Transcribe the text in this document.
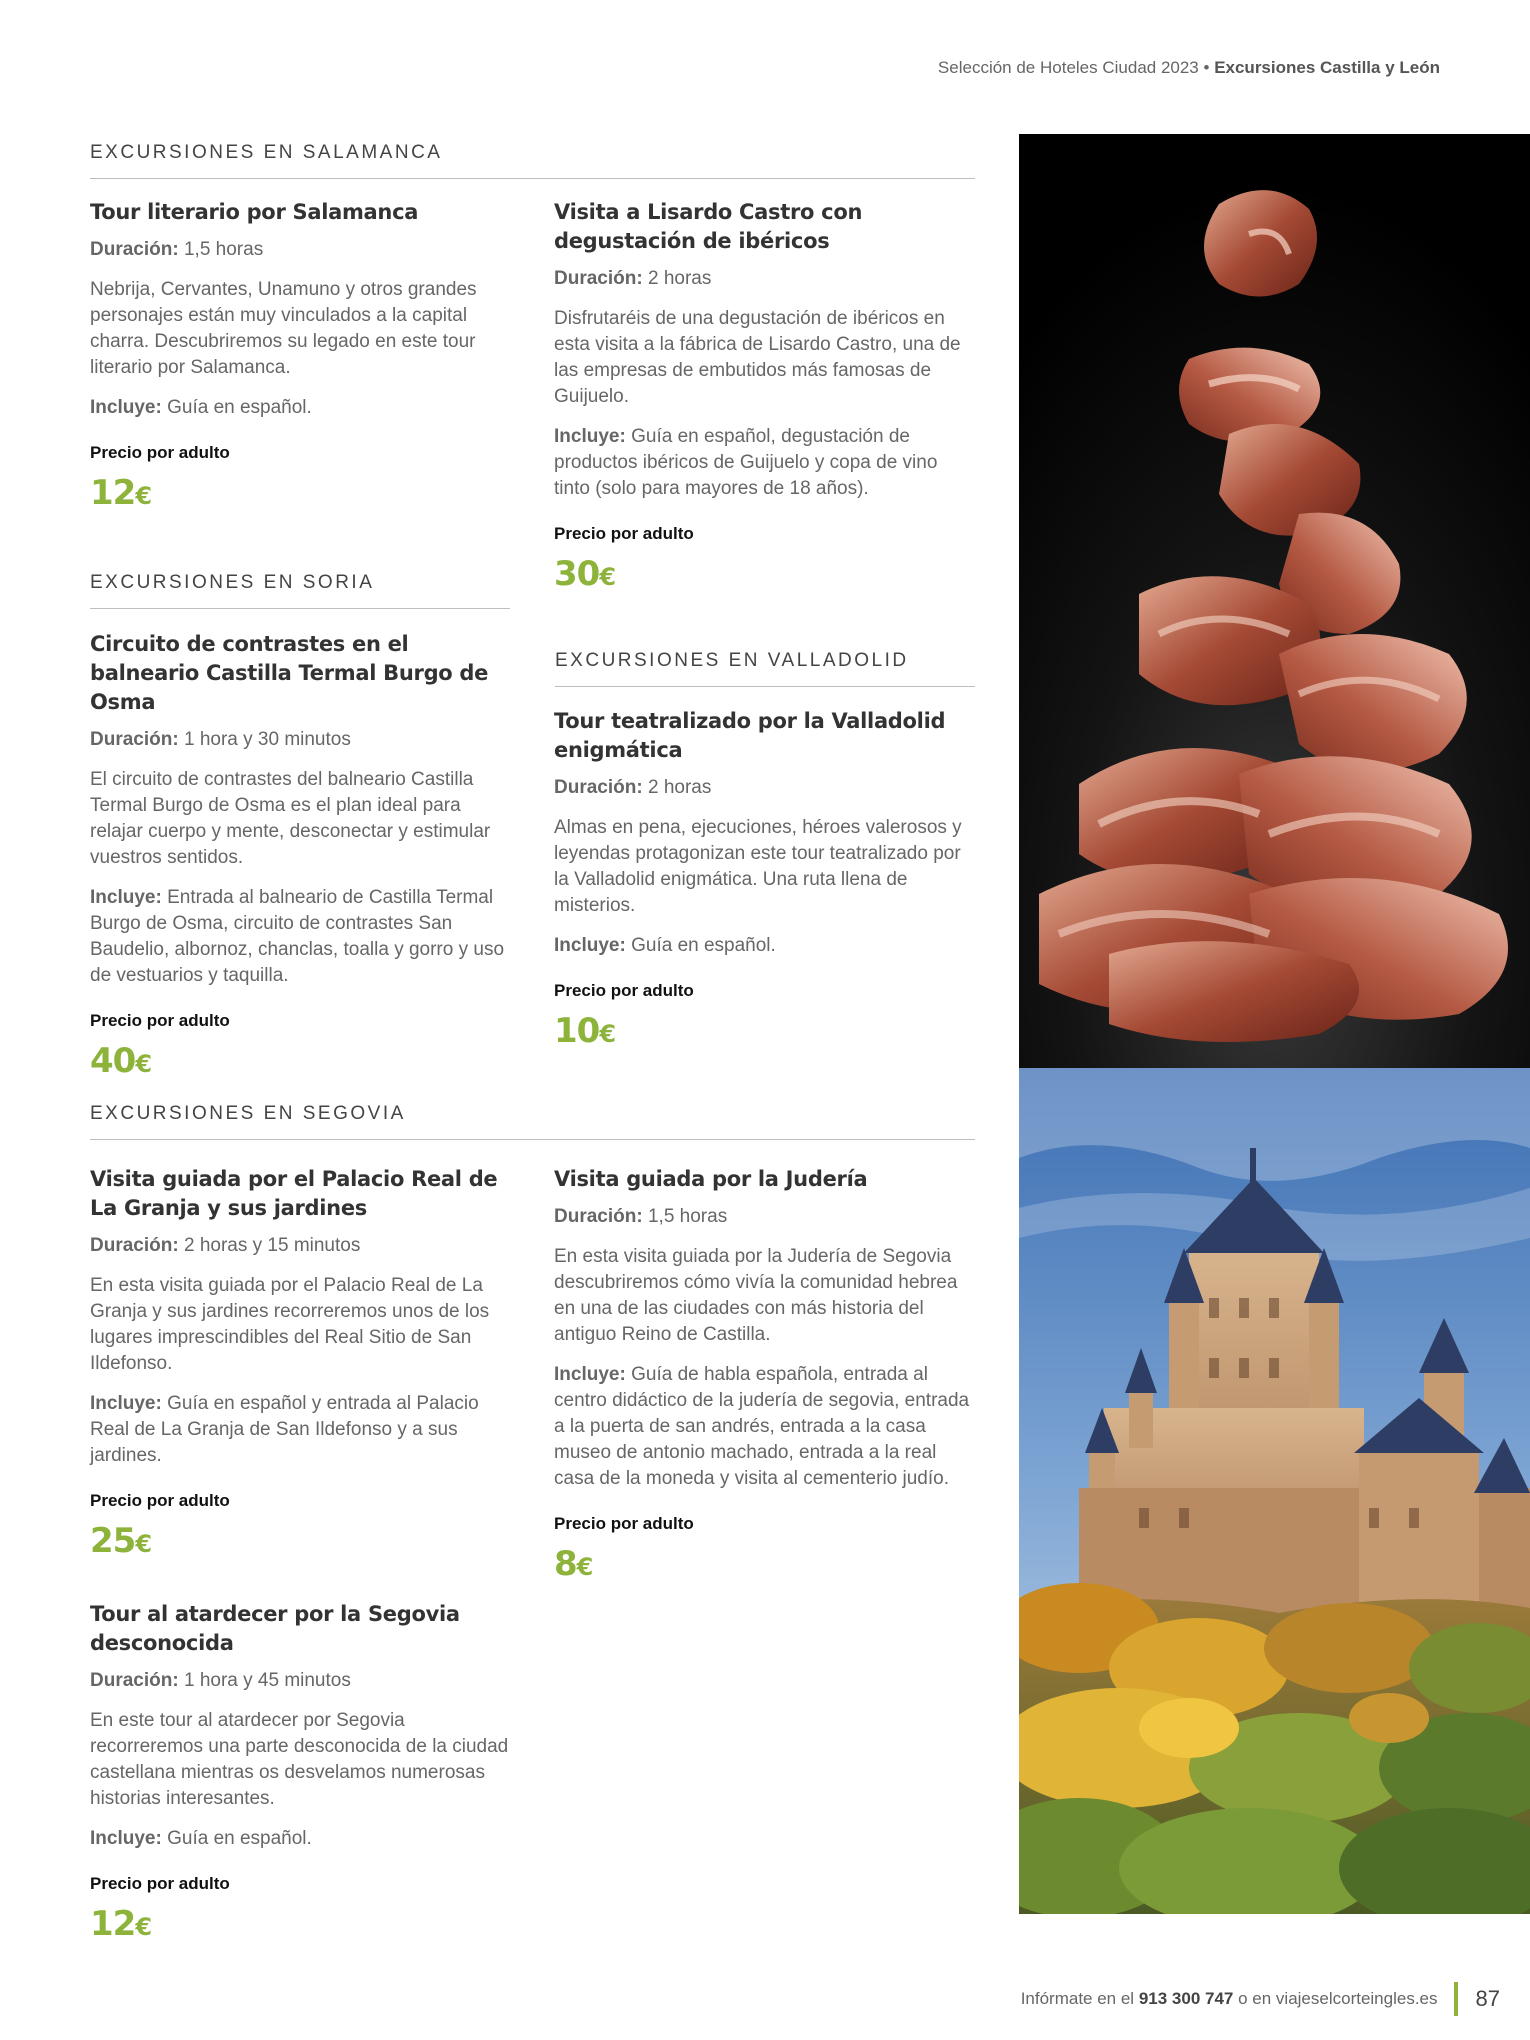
Selección de Hoteles Ciudad 2023 • Excursiones Castilla y León
EXCURSIONES EN SALAMANCA
Tour literario por Salamanca
Duración: 1,5 horas
Nebrija, Cervantes, Unamuno y otros grandes personajes están muy vinculados a la capital charra. Descubriremos su legado en este tour literario por Salamanca.
Incluye: Guía en español.
Precio por adulto
12€
Visita a Lisardo Castro con degustación de ibéricos
Duración: 2 horas
Disfrutaréis de una degustación de ibéricos en esta visita a la fábrica de Lisardo Castro, una de las empresas de embutidos más famosas de Guijuelo.
Incluye: Guía en español, degustación de productos ibéricos de Guijuelo y copa de vino tinto (solo para mayores de 18 años).
Precio por adulto
30€
EXCURSIONES EN SORIA
Circuito de contrastes en el balneario Castilla Termal Burgo de Osma
Duración: 1 hora y 30 minutos
El circuito de contrastes del balneario Castilla Termal Burgo de Osma es el plan ideal para relajar cuerpo y mente, desconectar y estimular vuestros sentidos.
Incluye: Entrada al balneario de Castilla Termal Burgo de Osma, circuito de contrastes San Baudelio, albornoz, chanclas, toalla y gorro y uso de vestuarios y taquilla.
Precio por adulto
40€
EXCURSIONES EN VALLADOLID
Tour teatralizado por la Valladolid enigmática
Duración: 2 horas
Almas en pena, ejecuciones, héroes valerosos y leyendas protagonizan este tour teatralizado por la Valladolid enigmática. Una ruta llena de misterios.
Incluye: Guía en español.
Precio por adulto
10€
EXCURSIONES EN SEGOVIA
Visita guiada por el Palacio Real de La Granja y sus jardines
Duración: 2 horas y 15 minutos
En esta visita guiada por el Palacio Real de La Granja y sus jardines recorreremos unos de los lugares imprescindibles del Real Sitio de San Ildefonso.
Incluye: Guía en español y entrada al Palacio Real de La Granja de San Ildefonso y a sus jardines.
Precio por adulto
25€
Visita guiada por la Judería
Duración: 1,5 horas
En esta visita guiada por la Judería de Segovia descubriremos cómo vivía la comunidad hebrea en una de las ciudades con más historia del antiguo Reino de Castilla.
Incluye: Guía de habla española, entrada al centro didáctico de la judería de segovia, entrada a la puerta de san andrés, entrada a la casa museo de antonio machado, entrada a la real casa de la moneda y visita al cementerio judío.
Precio por adulto
8€
Tour al atardecer por la Segovia desconocida
Duración: 1 hora y 45 minutos
En este tour al atardecer por Segovia recorreremos una parte desconocida de la ciudad castellana mientras os desvelamos numerosas historias interesantes.
Incluye: Guía en español.
Precio por adulto
12€
Infórmate en el 913 300 747 o en viajeselcorteingles.es 87
